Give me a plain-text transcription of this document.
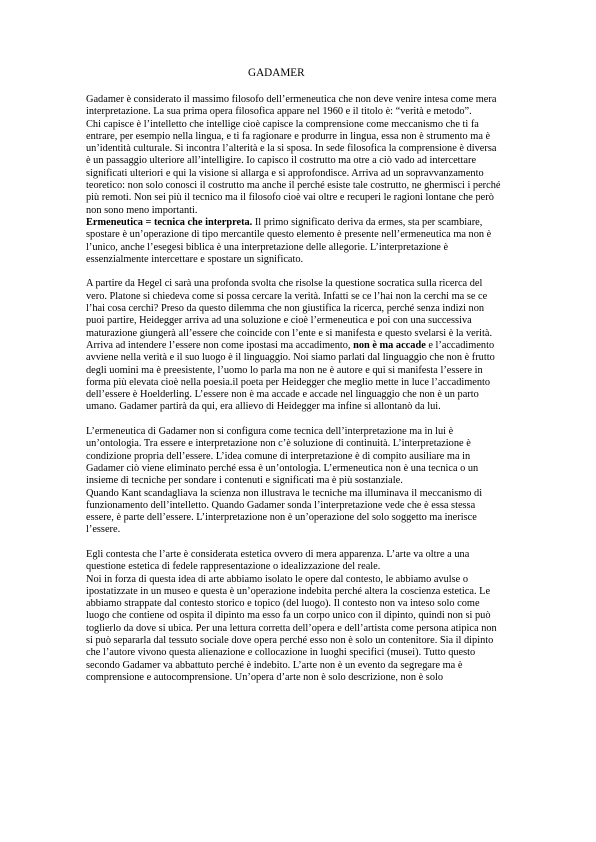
GADAMER
Gadamer è considerato il massimo filosofo dell’ermeneutica che non deve venire intesa come mera
interpretazione. La sua prima opera filosofica appare nel 1960 e il titolo è: “verità e metodo”.
Chi capisce è l’intelletto che intellige cioè capisce la comprensione come meccanismo che ti fa
entrare, per esempio nella lingua, e ti fa ragionare e produrre in lingua, essa non è strumento ma è
un’identità culturale. Si incontra l’alterità e la si sposa. In sede filosofica la comprensione è diversa
è un passaggio ulteriore all’intelligire. Io capisco il costrutto ma otre a ciò vado ad intercettare
significati ulteriori e qui la visione si allarga e si approfondisce. Arriva ad un sopravvanzamento
teoretico: non solo conosci il costrutto ma anche il perché esiste tale costrutto, ne ghermisci i perché
più remoti. Non sei più il tecnico ma il filosofo cioè vai oltre e recuperi le ragioni lontane che però
non sono meno importanti.
Ermeneutica = tecnica che interpreta. Il primo significato deriva da ermes, sta per scambiare,
spostare è un’operazione di tipo mercantile questo elemento è presente nell’ermeneutica ma non è
l’unico, anche l’esegesi biblica è una interpretazione delle allegorie. L’interpretazione è
essenzialmente intercettare e spostare un significato.
A partire da Hegel ci sarà una profonda svolta che risolse la questione socratica sulla ricerca del
vero. Platone si chiedeva come si possa cercare la verità. Infatti se ce l’hai non la cerchi ma se ce
l’hai cosa cerchi? Preso da questo dilemma che non giustifica la ricerca, perché senza indizi non
puoi partire, Heidegger arriva ad una soluzione e cioè l’ermeneutica e poi con una successiva
maturazione giungerà all’essere che coincide con l’ente e si manifesta e questo svelarsi è la verità.
Arriva ad intendere l’essere non come ipostasi ma accadimento, non è ma accade e l’accadimento
avviene nella verità e il suo luogo è il linguaggio. Noi siamo parlati dal linguaggio che non è frutto
degli uomini ma è preesistente, l’uomo lo parla ma non ne è autore e qui si manifesta l’essere in
forma più elevata cioè nella poesia.il poeta per Heidegger che meglio mette in luce l’accadimento
dell’essere è Hoelderling. L’essere non è ma accade e accade nel linguaggio che non è un parto
umano. Gadamer partirà da qui, era allievo di Heidegger ma infine si allontanò da lui.
L’ermeneutica di Gadamer non si configura come tecnica dell’interpretazione ma in lui è
un’ontologia. Tra essere e interpretazione non c’è soluzione di continuità. L’interpretazione è
condizione propria dell’essere. L’idea comune di interpretazione è di compito ausiliare ma in
Gadamer ciò viene eliminato perché essa è un’ontologia. L’ermeneutica non è una tecnica o un
insieme di tecniche per sondare i contenuti e significati ma è più sostanziale.
Quando Kant scandagliava la scienza non illustrava le tecniche ma illuminava il meccanismo di
funzionamento dell’intelletto. Quando Gadamer sonda l’interpretazione vede che è essa stessa
essere, è parte dell’essere. L’interpretazione non è un’operazione del solo soggetto ma inerisce
l’essere.
Egli contesta che l’arte è considerata estetica ovvero di mera apparenza. L’arte va oltre a una
questione estetica di fedele rappresentazione o idealizzazione del reale.
Noi in forza di questa idea di arte abbiamo isolato le opere dal contesto, le abbiamo avulse o
ipostatizzate in un museo e questa è un’operazione indebita perché altera la coscienza estetica. Le
abbiamo strappate dal contesto storico e topico (del luogo). Il contesto non va inteso solo come
luogo che contiene od ospita il dipinto ma esso fa un corpo unico con il dipinto, quindi non si può
toglierlo da dove si ubica. Per una lettura corretta dell’opera e dell’artista come persona atipica non
si può separarla dal tessuto sociale dove opera perché esso non è solo un contenitore. Sia il dipinto
che l’autore vivono questa alienazione e collocazione in luoghi specifici (musei). Tutto questo
secondo Gadamer va abbattuto perché è indebito. L’arte non è un evento da segregare ma è
comprensione e autocomprensione. Un’opera d’arte non è solo descrizione, non è solo
